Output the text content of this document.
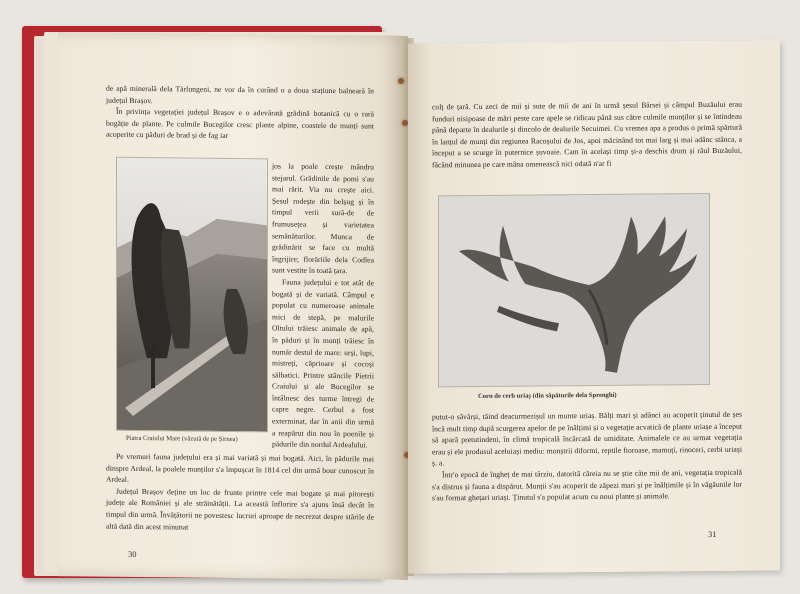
de apă minerală dela Tărlungeni, ne vor da în curând o a doua stațiune balneară în județul Brașov.

În privința vegetației județul Brașov e o adevărată grădină botanică cu o rară bogăție de plante. Pe culmile Bucegilor cresc plante alpine, coastele de munți sunt acoperite cu păduri de brad și de fag iar

jos la poale crește mândru stejarul. Grădinile de pomi s'au mai rărit. Via nu crește aici. Șesul rodește din belșug și în timpul verii sură-de de frumusețea și varietatea semănăturilor. Munca de grădinărit se face cu multă îngrijire; florăriile dela Codlea sunt vestite în toată țara.

Fauna județului e tot atât de bogată și de variată. Câmpul e populat cu numeroase animale mici de stepă, pe malurile Oltului trăiesc animale de apă, în păduri și în munți trăiesc în număr destul de mare: urși, lupi, mistreți, căprioare și cocoși sălbatici. Printre stâncile Pietrii Craiului și ale Bucegilor se întâlnesc des turme întregi de capre negre. Cerbul a fost exterminat, dar în anii din urmă a reapărut din nou în poenile și pădurile din nordul Ardealului.

Piatra Craiului Mare (văzută de pe Șirnea)

Pe vremuri fauna județului era și mai variată și mai bogată. Aici, în pădurile mai dinspre Ardeal, la poalele munților s'a împușcat în 1814 cel din urmă bour cunoscut în Ardeal.

Județul Brașov deține un loc de frunte printre cele mai bogate și mai pitorești județe ale României și ale străinătății. La această înflorire s'a ajuns însă decât în timpul din urmă. Învățătorii ne povestesc lucruri aproape de necrezut despre stările de altă dată din acest minunat

30

colț de țară. Cu zeci de mii și sute de mii de ani în urmă șesul Bârsei și câmpul Buzăului erau funduri nisipoase de mări peste care apele se ridicau până sus către culmile munților și se întindeau până departe în dealurile și dincolo de dealurile Secuimei. Cu vremea apa a produs o primă spărtură în lanțul de munți din regiunea Racoșului de Jos, apoi măcinând tot mai larg și mai adânc stânca, a început a se scurge în puternice șuvoaie. Cam în același timp și-a deschis drum și râul Buzăului, făcând minunea pe care mâna omenească nici odată n'ar fi

Corn de cerb uriaș (din săpăturile dela Sprenghi)

putut-o săvârși, tăind deacurmezișul un munte uriaș. Bălți mari și adânci au acoperit ținutul de șes încă mult timp după scurgerea apelor de pe înălțimi și o vegetație acvatică de plante uriașe a început să apară pretutindeni, în climă tropicală încărcată de umiditate. Animalele ce au urmat vegetația erau și ele produsul aceluiași mediu: monștrii diformi, reptile fioroase, mamuți, rinoceri, cerbi uriași ș. a.

Într'o epocă de îngheț de mai târziu, datorită căreia nu se știe câte mii de ani, vegetația tropicală s'a distrus și fauna a dispărut. Munții s'au acoperit de zăpezi mari și pe înălțimile și în văgăunile lor s'au format ghețari uriași. Ținutul s'a populat acum cu noui plante și animale.

31
